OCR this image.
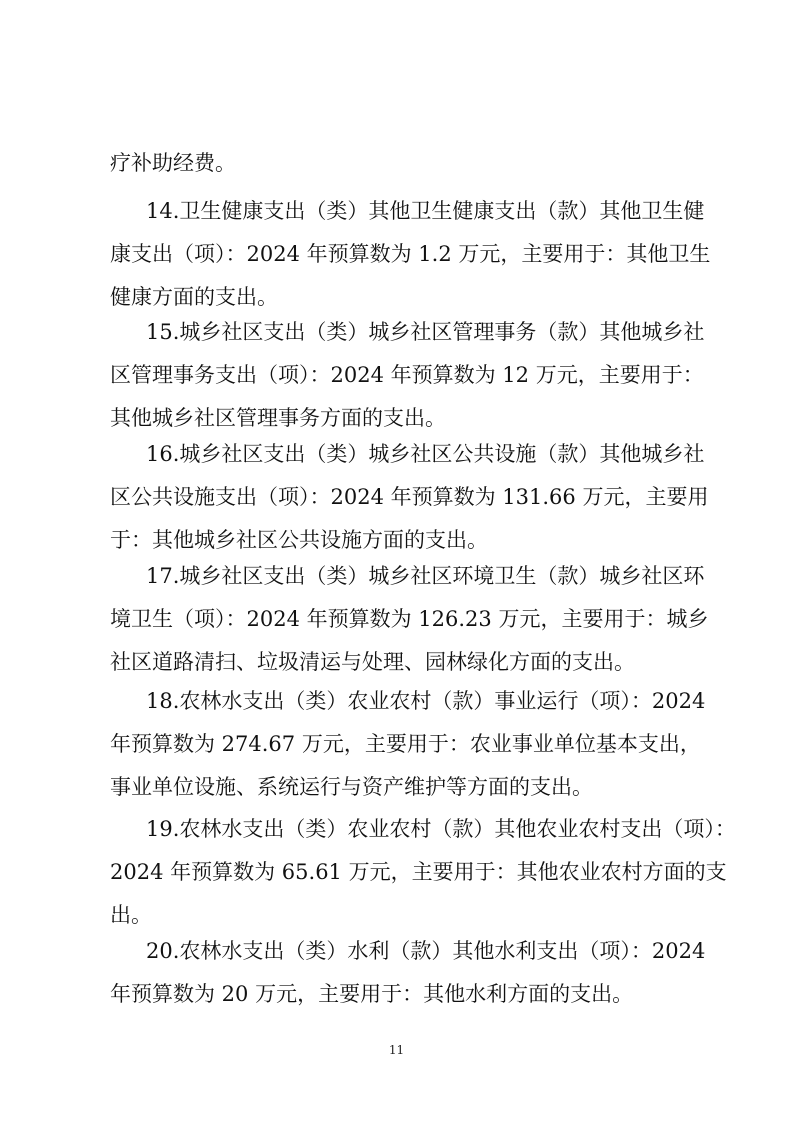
疗补助经费。
14.卫生健康支出（类）其他卫生健康支出（款）其他卫生健
康支出（项）：2024 年预算数为 1.2 万元，主要用于：其他卫生
健康方面的支出。
15.城乡社区支出（类）城乡社区管理事务（款）其他城乡社
区管理事务支出（项）：2024 年预算数为 12 万元，主要用于：
其他城乡社区管理事务方面的支出。
16.城乡社区支出（类）城乡社区公共设施（款）其他城乡社
区公共设施支出（项）：2024 年预算数为 131.66 万元，主要用
于：其他城乡社区公共设施方面的支出。
17.城乡社区支出（类）城乡社区环境卫生（款）城乡社区环
境卫生（项）：2024 年预算数为 126.23 万元，主要用于：城乡
社区道路清扫、垃圾清运与处理、园林绿化方面的支出。
18.农林水支出（类）农业农村（款）事业运行（项）：2024
年预算数为 274.67 万元，主要用于：农业事业单位基本支出，
事业单位设施、系统运行与资产维护等方面的支出。
19.农林水支出（类）农业农村（款）其他农业农村支出（项）：
2024 年预算数为 65.61 万元，主要用于：其他农业农村方面的支
出。
20.农林水支出（类）水利（款）其他水利支出（项）：2024
年预算数为 20 万元，主要用于：其他水利方面的支出。
11
